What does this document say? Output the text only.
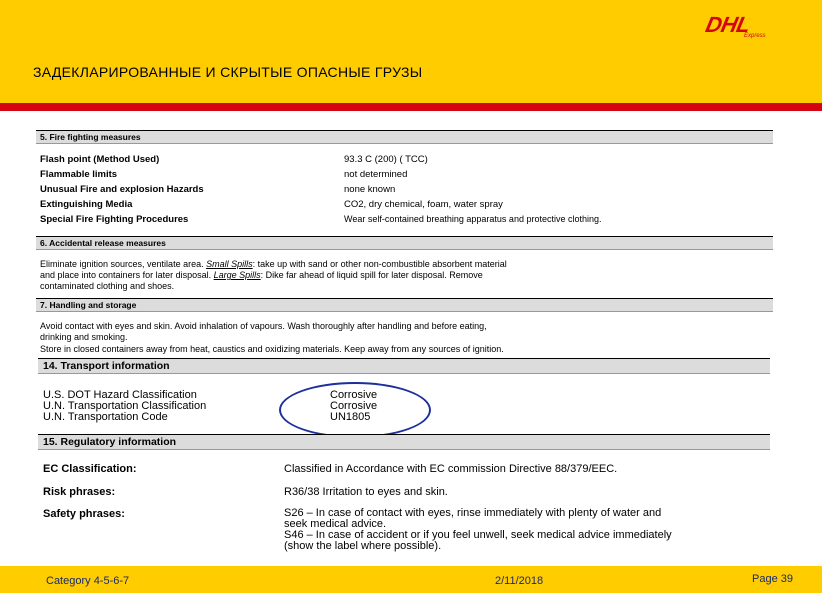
ЗАДЕКЛАРИРОВАННЫЕ И СКРЫТЫЕ ОПАСНЫЕ ГРУЗЫ
DHL
Express
5. Fire fighting measures
Flash point (Method Used)	93.3 C (200) ( TCC)
Flammable limits	not determined
Unusual Fire and explosion Hazards	none known
Extinguishing Media	CO2, dry chemical, foam, water spray
Special Fire Fighting Procedures	Wear self-contained breathing apparatus and protective clothing.
6. Accidental release measures
Eliminate ignition sources, ventilate area. Small Spills: take up with sand or other non-combustible absorbent material
and place into containers for later disposal. Large Spills: Dike far ahead of liquid spill for later disposal. Remove
contaminated clothing and shoes.
7. Handling and storage
Avoid contact with eyes and skin. Avoid inhalation of vapours. Wash thoroughly after handling and before eating,
drinking and smoking.
Store in closed containers away from heat, caustics and oxidizing materials. Keep away from any sources of ignition.
14. Transport information
U.S. DOT Hazard Classification	Corrosive
U.N. Transportation Classification	Corrosive
U.N. Transportation Code	UN1805
15. Regulatory information
EC Classification:	Classified in Accordance with EC commission Directive 88/379/EEC.
Risk phrases:	R36/38 Irritation to eyes and skin.
Safety phrases:	S26 – In case of contact with eyes, rinse immediately with plenty of water and
seek medical advice.
S46 – In case of accident or if you feel unwell, seek medical advice immediately
(show the label where possible).
Category 4-5-6-7	2/11/2018	Page 39
